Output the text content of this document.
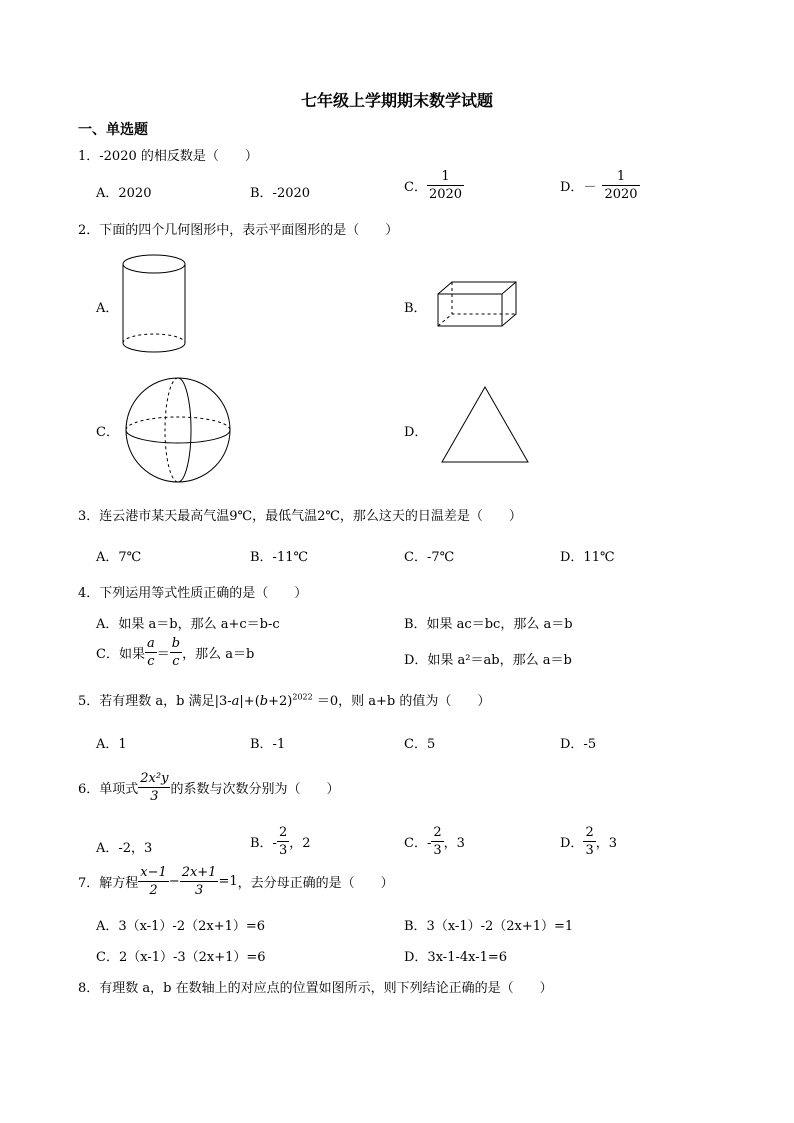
七年级上学期期末数学试题
一、单选题
1．-2020 的相反数是（　　）
A．2020	B．-2020	C． $\frac{1}{2020}$	D．－ $\frac{1}{2020}$
2．下面的四个几何图形中，表示平面图形的是（　　）
A．	B．
C．	D．
3．连云港市某天最高气温9℃，最低气温2℃，那么这天的日温差是（　　）
A．7℃	B．-11℃	C．-7℃	D．11℃
4．下列运用等式性质正确的是（　　）
A．如果 a＝b，那么 a+c＝b-c	B．如果 ac＝bc，那么 a＝b
C．如果 $\frac{a}{c} = \frac{b}{c}$ ，那么 a＝b	D．如果 a²＝ab，那么 a＝b
5．若有理数 a，b 满足$|3-a|+(b+2)^{2022} =0$，则 a+b 的值为（　　）
A．1	B．-1	C．5	D．-5
6．单项式 $\frac{\text{2x²y}}{3}$ 的系数与次数分别为（　　）
A．-2，3	B．- $\frac{2}{3}$ ，2	C．- $\frac{2}{3}$ ，3	D． $\frac{2}{3}$ ，3
7．解方程 $\frac{x-1}{2} - \frac{2x+1}{3} =1$，去分母正确的是（　　）
A．3（x-1）-2（2x+1）=6	B．3（x-1）-2（2x+1）=1
C．2（x-1）-3（2x+1）=6	D．3x-1-4x-1=6
8．有理数 a，b 在数轴上的对应点的位置如图所示，则下列结论正确的是（　　）
